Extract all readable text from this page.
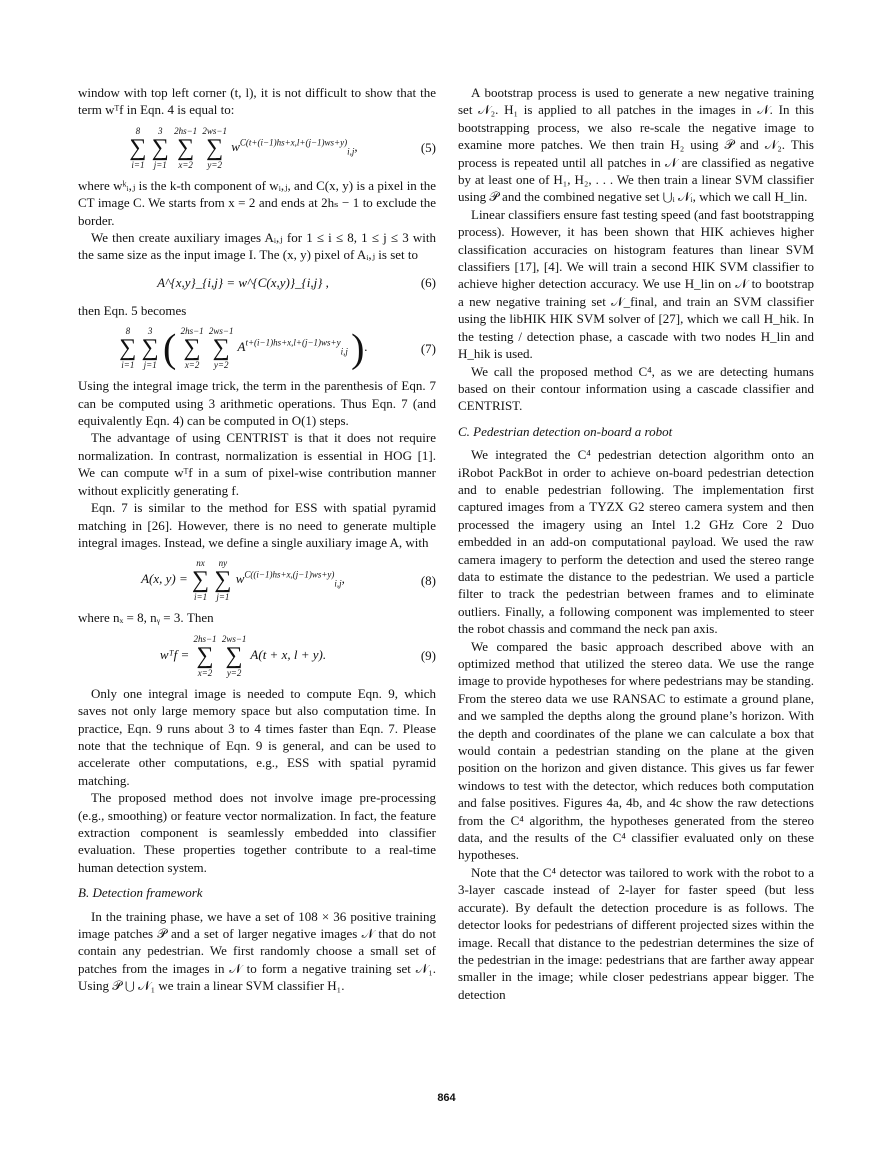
window with top left corner (t, l), it is not difficult to show that the term wᵀf in Eqn. 4 is equal to:

8
∑
i=1

3
∑
j=1

2hs−1
∑
x=2

2ws−1
∑
y=2
$w^{C(t+(i-1)hs+x,l+(j-1)ws+y)}_{i,j}$,	(5)

where wᵏᵢ,ⱼ is the k-th component of wᵢ,ⱼ, and C(x, y) is a pixel in the CT image C. We starts from x = 2 and ends at 2hₛ − 1 to exclude the border.

We then create auxiliary images Aᵢ,ⱼ for 1 ≤ i ≤ 8, 1 ≤ j ≤ 3 with the same size as the input image I. The (x, y) pixel of Aᵢ,ⱼ is set to

A^{x,y}_{i,j} = w^{C(x,y)}_{i,j} ,	(6)

then Eqn. 5 becomes

8
∑
i=1

3
∑
j=1 ( 2hs−1
∑
x=2

2ws−1
∑
y=2
$A^{t+(i-1)hs+x,l+(j-1)ws+y}_{i,j}$ ).	(7)

Using the integral image trick, the term in the parenthesis of Eqn. 7 can be computed using 3 arithmetic operations. Thus Eqn. 7 (and equivalently Eqn. 4) can be computed in O(1) steps.

The advantage of using CENTRIST is that it does not require normalization. In contrast, normalization is essential in HOG [1]. We can compute wᵀf in a sum of pixel-wise contribution manner without explicitly generating f.

Eqn. 7 is similar to the method for ESS with spatial pyramid matching in [26]. However, there is no need to generate multiple integral images. Instead, we define a single auxiliary image A, with

A(x, y) =
nx
∑
i=1

ny
∑
j=1
$w^{C((i-1)hs+x,(j-1)ws+y)}_{i,j}$,	(8)

where nₓ = 8, nᵧ = 3. Then

wᵀf =
2hs−1
∑
x=2

2ws−1
∑
y=2
A(t + x, l + y).	(9)

Only one integral image is needed to compute Eqn. 9, which saves not only large memory space but also computation time. In practice, Eqn. 9 runs about 3 to 4 times faster than Eqn. 7. Please note that the technique of Eqn. 9 is general, and can be used to accelerate other computations, e.g., ESS with spatial pyramid matching.

The proposed method does not involve image pre-processing (e.g., smoothing) or feature vector normalization. In fact, the feature extraction component is seamlessly embedded into classifier evaluation. These properties together contribute to a real-time human detection system.

B. Detection framework

In the training phase, we have a set of 108 × 36 positive training image patches 𝒫 and a set of larger negative images 𝒩 that do not contain any pedestrian. We first randomly choose a small set of patches from the images in 𝒩 to form a negative training set 𝒩₁. Using 𝒫 ⋃ 𝒩₁ we train a linear SVM classifier H₁.

A bootstrap process is used to generate a new negative training set 𝒩₂. H₁ is applied to all patches in the images in 𝒩. In this bootstrapping process, we also re-scale the negative image to examine more patches. We then train H₂ using 𝒫 and 𝒩₂. This process is repeated until all patches in 𝒩 are classified as negative by at least one of H₁, H₂, . . . We then train a linear SVM classifier using 𝒫 and the combined negative set ⋃ᵢ 𝒩ᵢ, which we call H_lin.

Linear classifiers ensure fast testing speed (and fast bootstrapping process). However, it has been shown that HIK achieves higher classification accuracies on histogram features than linear SVM classifiers [17], [4]. We will train a second HIK SVM classifier to achieve higher detection accuracy. We use H_lin on 𝒩 to bootstrap a new negative training set 𝒩_final, and train an SVM classifier using the libHIK HIK SVM solver of [27], which we call H_hik. In the testing / detection phase, a cascade with two nodes H_lin and H_hik is used.

We call the proposed method C⁴, as we are detecting humans based on their contour information using a cascade classifier and CENTRIST.

C. Pedestrian detection on-board a robot

We integrated the C⁴ pedestrian detection algorithm onto an iRobot PackBot in order to achieve on-board pedestrian detection and to enable pedestrian following. The implementation first captured images from a TYZX G2 stereo camera system and then processed the imagery using an Intel 1.2 GHz Core 2 Duo embedded in an add-on computational payload. We used the raw camera imagery to perform the detection and used the stereo range data to estimate the distance to the pedestrian. We used a particle filter to track the pedestrian between frames and to eliminate outliers. Finally, a following component was implemented to steer the robot chassis and command the neck pan axis.

We compared the basic approach described above with an optimized method that utilized the stereo data. We use the range image to provide hypotheses for where pedestrians may be standing. From the stereo data we use RANSAC to estimate a ground plane, and we sampled the depths along the ground plane’s horizon. With the depth and coordinates of the plane we can calculate a box that would contain a pedestrian standing on the plane at the given position on the horizon and given distance. This gives us far fewer windows to test with the detector, which reduces both computation and false positives. Figures 4a, 4b, and 4c show the raw detections from the C⁴ algorithm, the hypotheses generated from the stereo data, and the results of the C⁴ classifier evaluated only on these hypotheses.

Note that the C⁴ detector was tailored to work with the robot to a 3-layer cascade instead of 2-layer for faster speed (but less accurate). By default the detection procedure is as follows. The detector looks for pedestrians of different projected sizes within the image. Recall that distance to the pedestrian determines the size of the pedestrian in the image: pedestrians that are farther away appear smaller in the image; while closer pedestrians appear bigger. The detection

864
